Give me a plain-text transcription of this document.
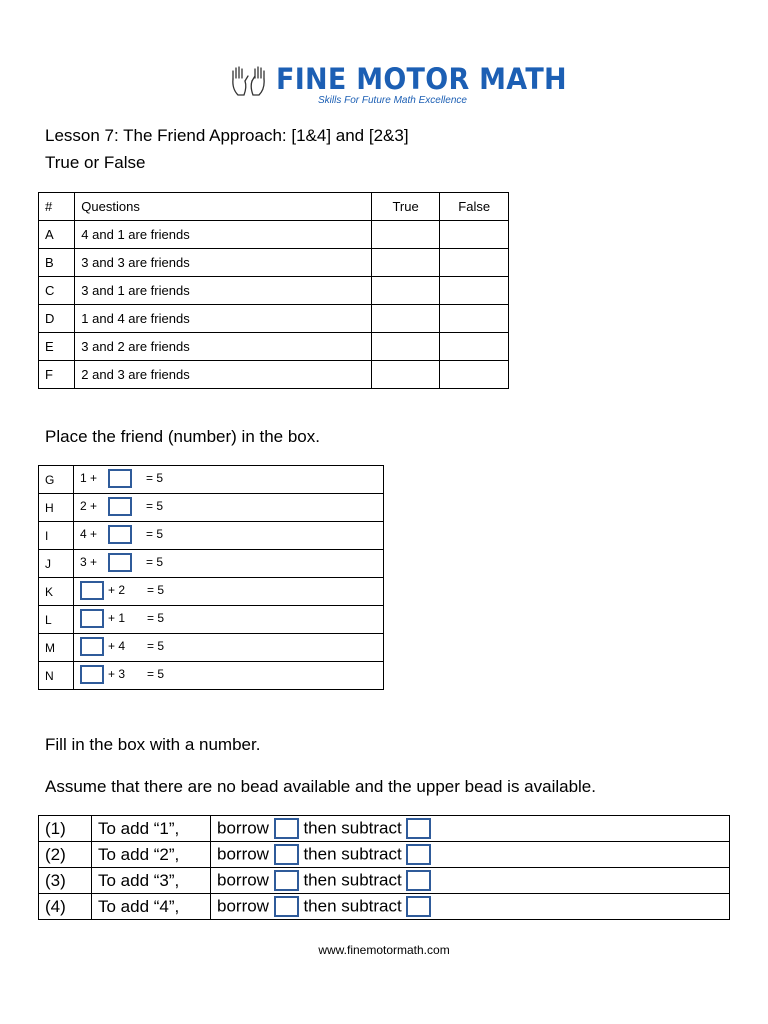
FINE MOTOR MATH
Skills For Future Math Excellence
Lesson 7: The Friend Approach: [1&4] and [2&3]
True or False
#	Questions	True	False
A	4 and 1 are friends		
B	3 and 3 are friends		
C	3 and 1 are friends		
D	1 and 4 are friends		
E	3 and 2 are friends		
F	2 and 3 are friends		
Place the friend (number) in the box.
G	1 + = 5

H	2 + = 5

I	4 + = 5

J	3 + = 5

K	+ 2 = 5

L	+ 1 = 5

M	+ 4 = 5

N	+ 3 = 5
Fill in the box with a number.
Assume that there are no bead available and the upper bead is available.
(1)	To add “1”,	borrow then subtract
(2)	To add “2”,	borrow then subtract
(3)	To add “3”,	borrow then subtract
(4)	To add “4”,	borrow then subtract
www.finemotormath.com
